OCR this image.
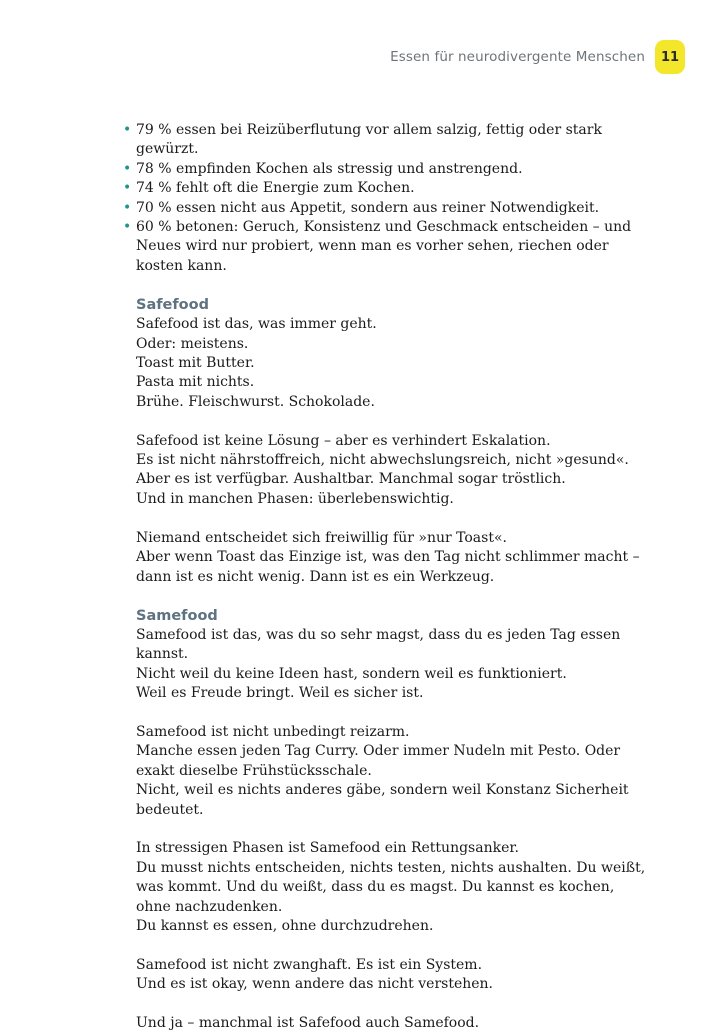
Essen für neurodivergente Menschen	11
• 79 % essen bei Reizüberflutung vor allem salzig, fettig oder stark gewürzt.
• 78 % empfinden Kochen als stressig und anstrengend.
• 74 % fehlt oft die Energie zum Kochen.
• 70 % essen nicht aus Appetit, sondern aus reiner Notwendigkeit.
• 60 % betonen: Geruch, Konsistenz und Geschmack entscheiden – und Neues wird nur probiert, wenn man es vorher sehen, riechen oder kosten kann.
Safefood

Safefood ist das, was immer geht.

Oder: meistens.

Toast mit Butter.

Pasta mit nichts.

Brühe. Fleischwurst. Schokolade.

Safefood ist keine Lösung – aber es verhindert Eskalation.

Es ist nicht nährstoffreich, nicht abwechslungsreich, nicht »gesund«.

Aber es ist verfügbar. Aushaltbar. Manchmal sogar tröstlich.

Und in manchen Phasen: überlebenswichtig.

Niemand entscheidet sich freiwillig für »nur Toast«.

Aber wenn Toast das Einzige ist, was den Tag nicht schlimmer macht – dann ist es nicht wenig. Dann ist es ein Werkzeug.

Samefood

Samefood ist das, was du so sehr magst, dass du es jeden Tag essen kannst.

Nicht weil du keine Ideen hast, sondern weil es funktioniert.

Weil es Freude bringt. Weil es sicher ist.

Samefood ist nicht unbedingt reizarm.

Manche essen jeden Tag Curry. Oder immer Nudeln mit Pesto. Oder exakt dieselbe Frühstücksschale.

Nicht, weil es nichts anderes gäbe, sondern weil Konstanz Sicherheit bedeutet.

In stressigen Phasen ist Samefood ein Rettungsanker.

Du musst nichts entscheiden, nichts testen, nichts aushalten. Du weißt, was kommt. Und du weißt, dass du es magst. Du kannst es kochen, ohne nachzudenken.

Du kannst es essen, ohne durchzudrehen.

Samefood ist nicht zwanghaft. Es ist ein System.

Und es ist okay, wenn andere das nicht verstehen.

Und ja – manchmal ist Safefood auch Samefood.
